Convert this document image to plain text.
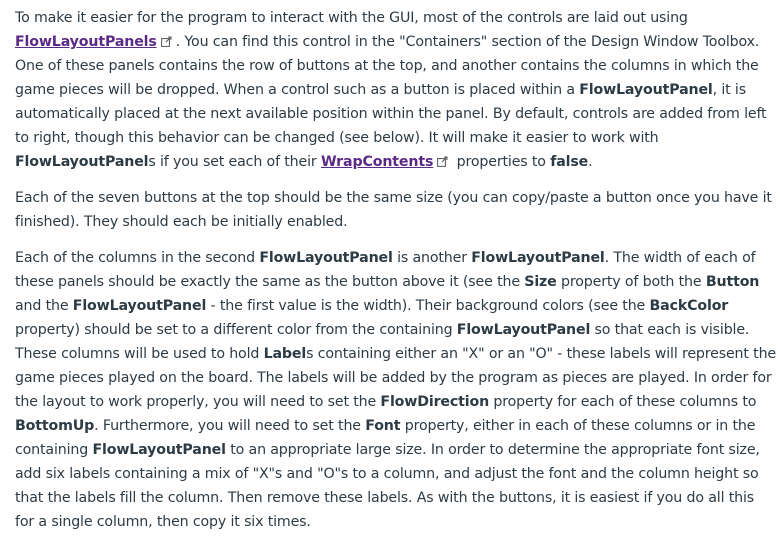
To make it easier for the program to interact with the GUI, most of the controls are laid out using FlowLayoutPanels . You can find this control in the "Containers" section of the Design Window Toolbox. One of these panels contains the row of buttons at the top, and another contains the columns in which the game pieces will be dropped. When a control such as a button is placed within a FlowLayoutPanel, it is automatically placed at the next available position within the panel. By default, controls are added from left to right, though this behavior can be changed (see below). It will make it easier to work with FlowLayoutPanels if you set each of their WrapContents
properties to false.

Each of the seven buttons at the top should be the same size (you can copy/paste a button once you have it finished). They should each be initially enabled.

Each of the columns in the second FlowLayoutPanel is another FlowLayoutPanel. The width of each of these panels should be exactly the same as the button above it (see the Size property of both the Button and the FlowLayoutPanel - the first value is the width). Their background colors (see the BackColor property) should be set to a different color from the containing FlowLayoutPanel so that each is visible. These columns will be used to hold Labels containing either an "X" or an "O" - these labels will represent the game pieces played on the board. The labels will be added by the program as pieces are played. In order for the layout to work properly, you will need to set the FlowDirection property for each of these columns to BottomUp. Furthermore, you will need to set the Font property, either in each of these columns or in the containing FlowLayoutPanel to an appropriate large size. In order to determine the appropriate font size, add six labels containing a mix of "X"s and "O"s to a column, and adjust the font and the column height so that the labels fill the column. Then remove these labels. As with the buttons, it is easiest if you do all this for a single column, then copy it six times.
